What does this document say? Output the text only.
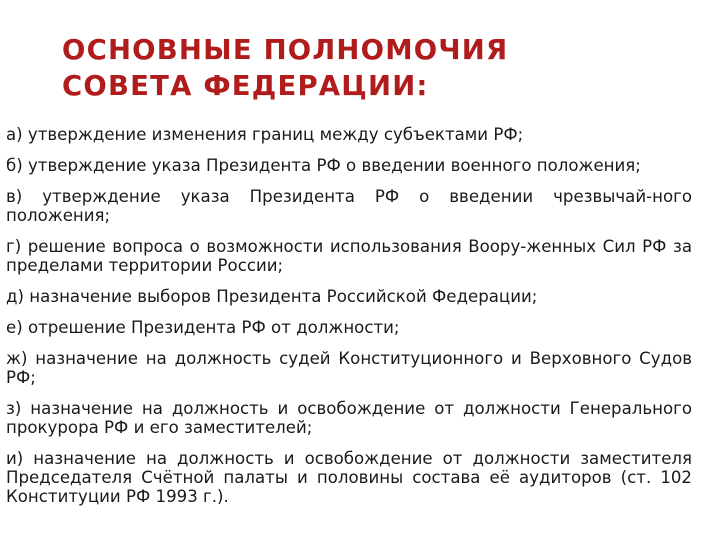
ОСНОВНЫЕ ПОЛНОМОЧИЯ
СОВЕТА ФЕДЕРАЦИИ:
а) утверждение изменения границ между субъектами РФ;
б) утверждение указа Президента РФ о введении военного положения;
в) утверждение указа Президента РФ о введении чрезвычай-ного положения;
г) решение вопроса о возможности использования Воору-женных Сил РФ за пределами территории России;
д) назначение выборов Президента Российской Федерации;
е) отрешение Президента РФ от должности;
ж) назначение на должность судей Конституционного и Верховного Судов РФ;
з) назначение на должность и освобождение от должности Генерального прокурора РФ и его заместителей;
и) назначение на должность и освобождение от должности заместителя Председателя Счётной палаты и половины состава её аудиторов (ст. 102 Конституции РФ 1993 г.).
